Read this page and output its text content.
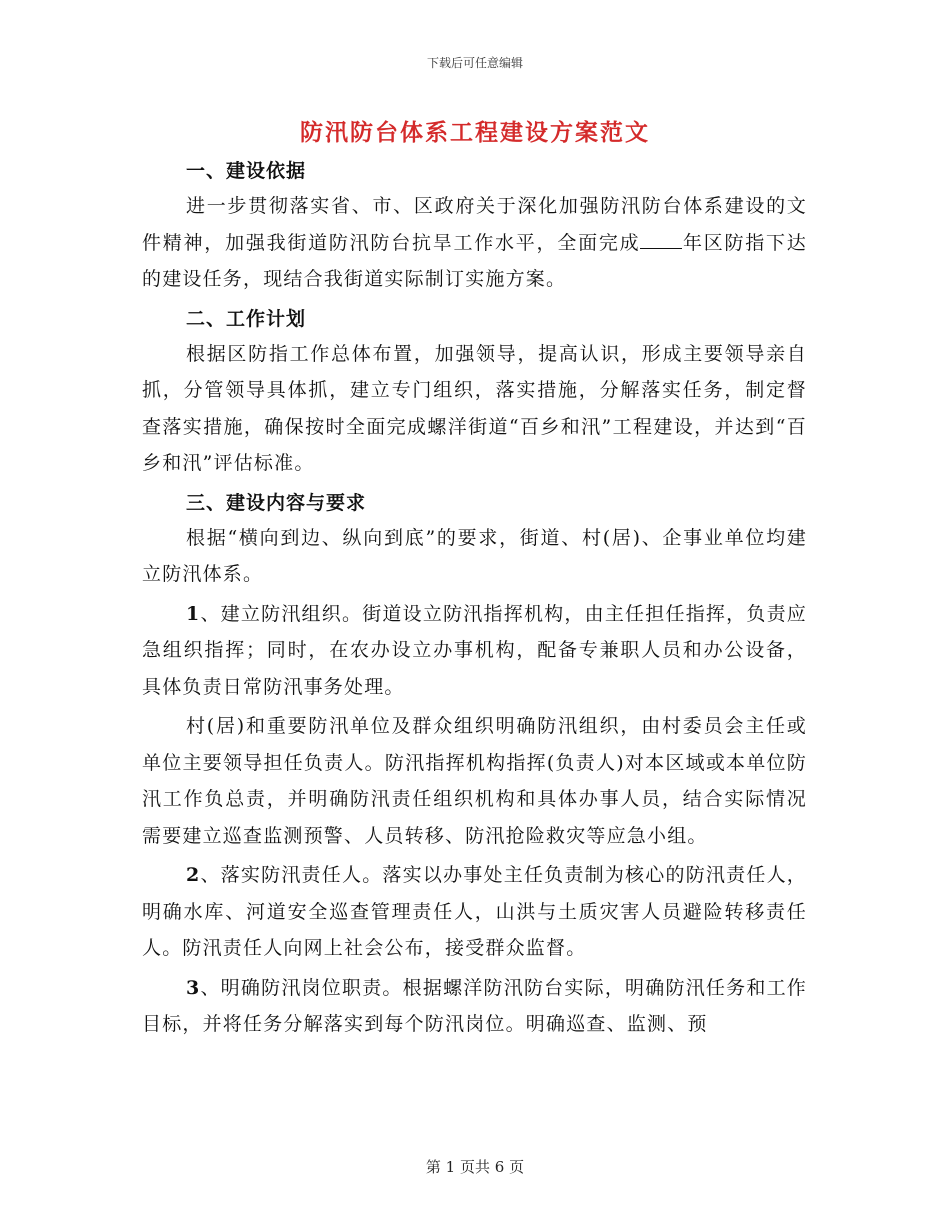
下载后可任意编辑
防汛防台体系工程建设方案范文
一、建设依据

进一步贯彻落实省、市、区政府关于深化加强防汛防台体系建设的文件精神，加强我街道防汛防台抗旱工作水平，全面完成 年区防指下达的建设任务，现结合我街道实际制订实施方案。

二、工作计划

根据区防指工作总体布置，加强领导，提高认识，形成主要领导亲自抓，分管领导具体抓，建立专门组织，落实措施，分解落实任务，制定督查落实措施，确保按时全面完成螺洋街道“百乡和汛”工程建设，并达到“百乡和汛”评估标准。

三、建设内容与要求

根据“横向到边、纵向到底”的要求，街道、村(居)、企事业单位均建立防汛体系。

1、建立防汛组织。街道设立防汛指挥机构，由主任担任指挥，负责应急组织指挥；同时，在农办设立办事机构，配备专兼职人员和办公设备，具体负责日常防汛事务处理。

村(居)和重要防汛单位及群众组织明确防汛组织，由村委员会主任或单位主要领导担任负责人。防汛指挥机构指挥(负责人)对本区域或本单位防汛工作负总责，并明确防汛责任组织机构和具体办事人员，结合实际情况需要建立巡查监测预警、人员转移、防汛抢险救灾等应急小组。

2、落实防汛责任人。落实以办事处主任负责制为核心的防汛责任人，明确水库、河道安全巡查管理责任人，山洪与土质灾害人员避险转移责任人。防汛责任人向网上社会公布，接受群众监督。

3、明确防汛岗位职责。根据螺洋防汛防台实际，明确防汛任务和工作目标，并将任务分解落实到每个防汛岗位。明确巡查、监测、预

第 1 页共 6 页
